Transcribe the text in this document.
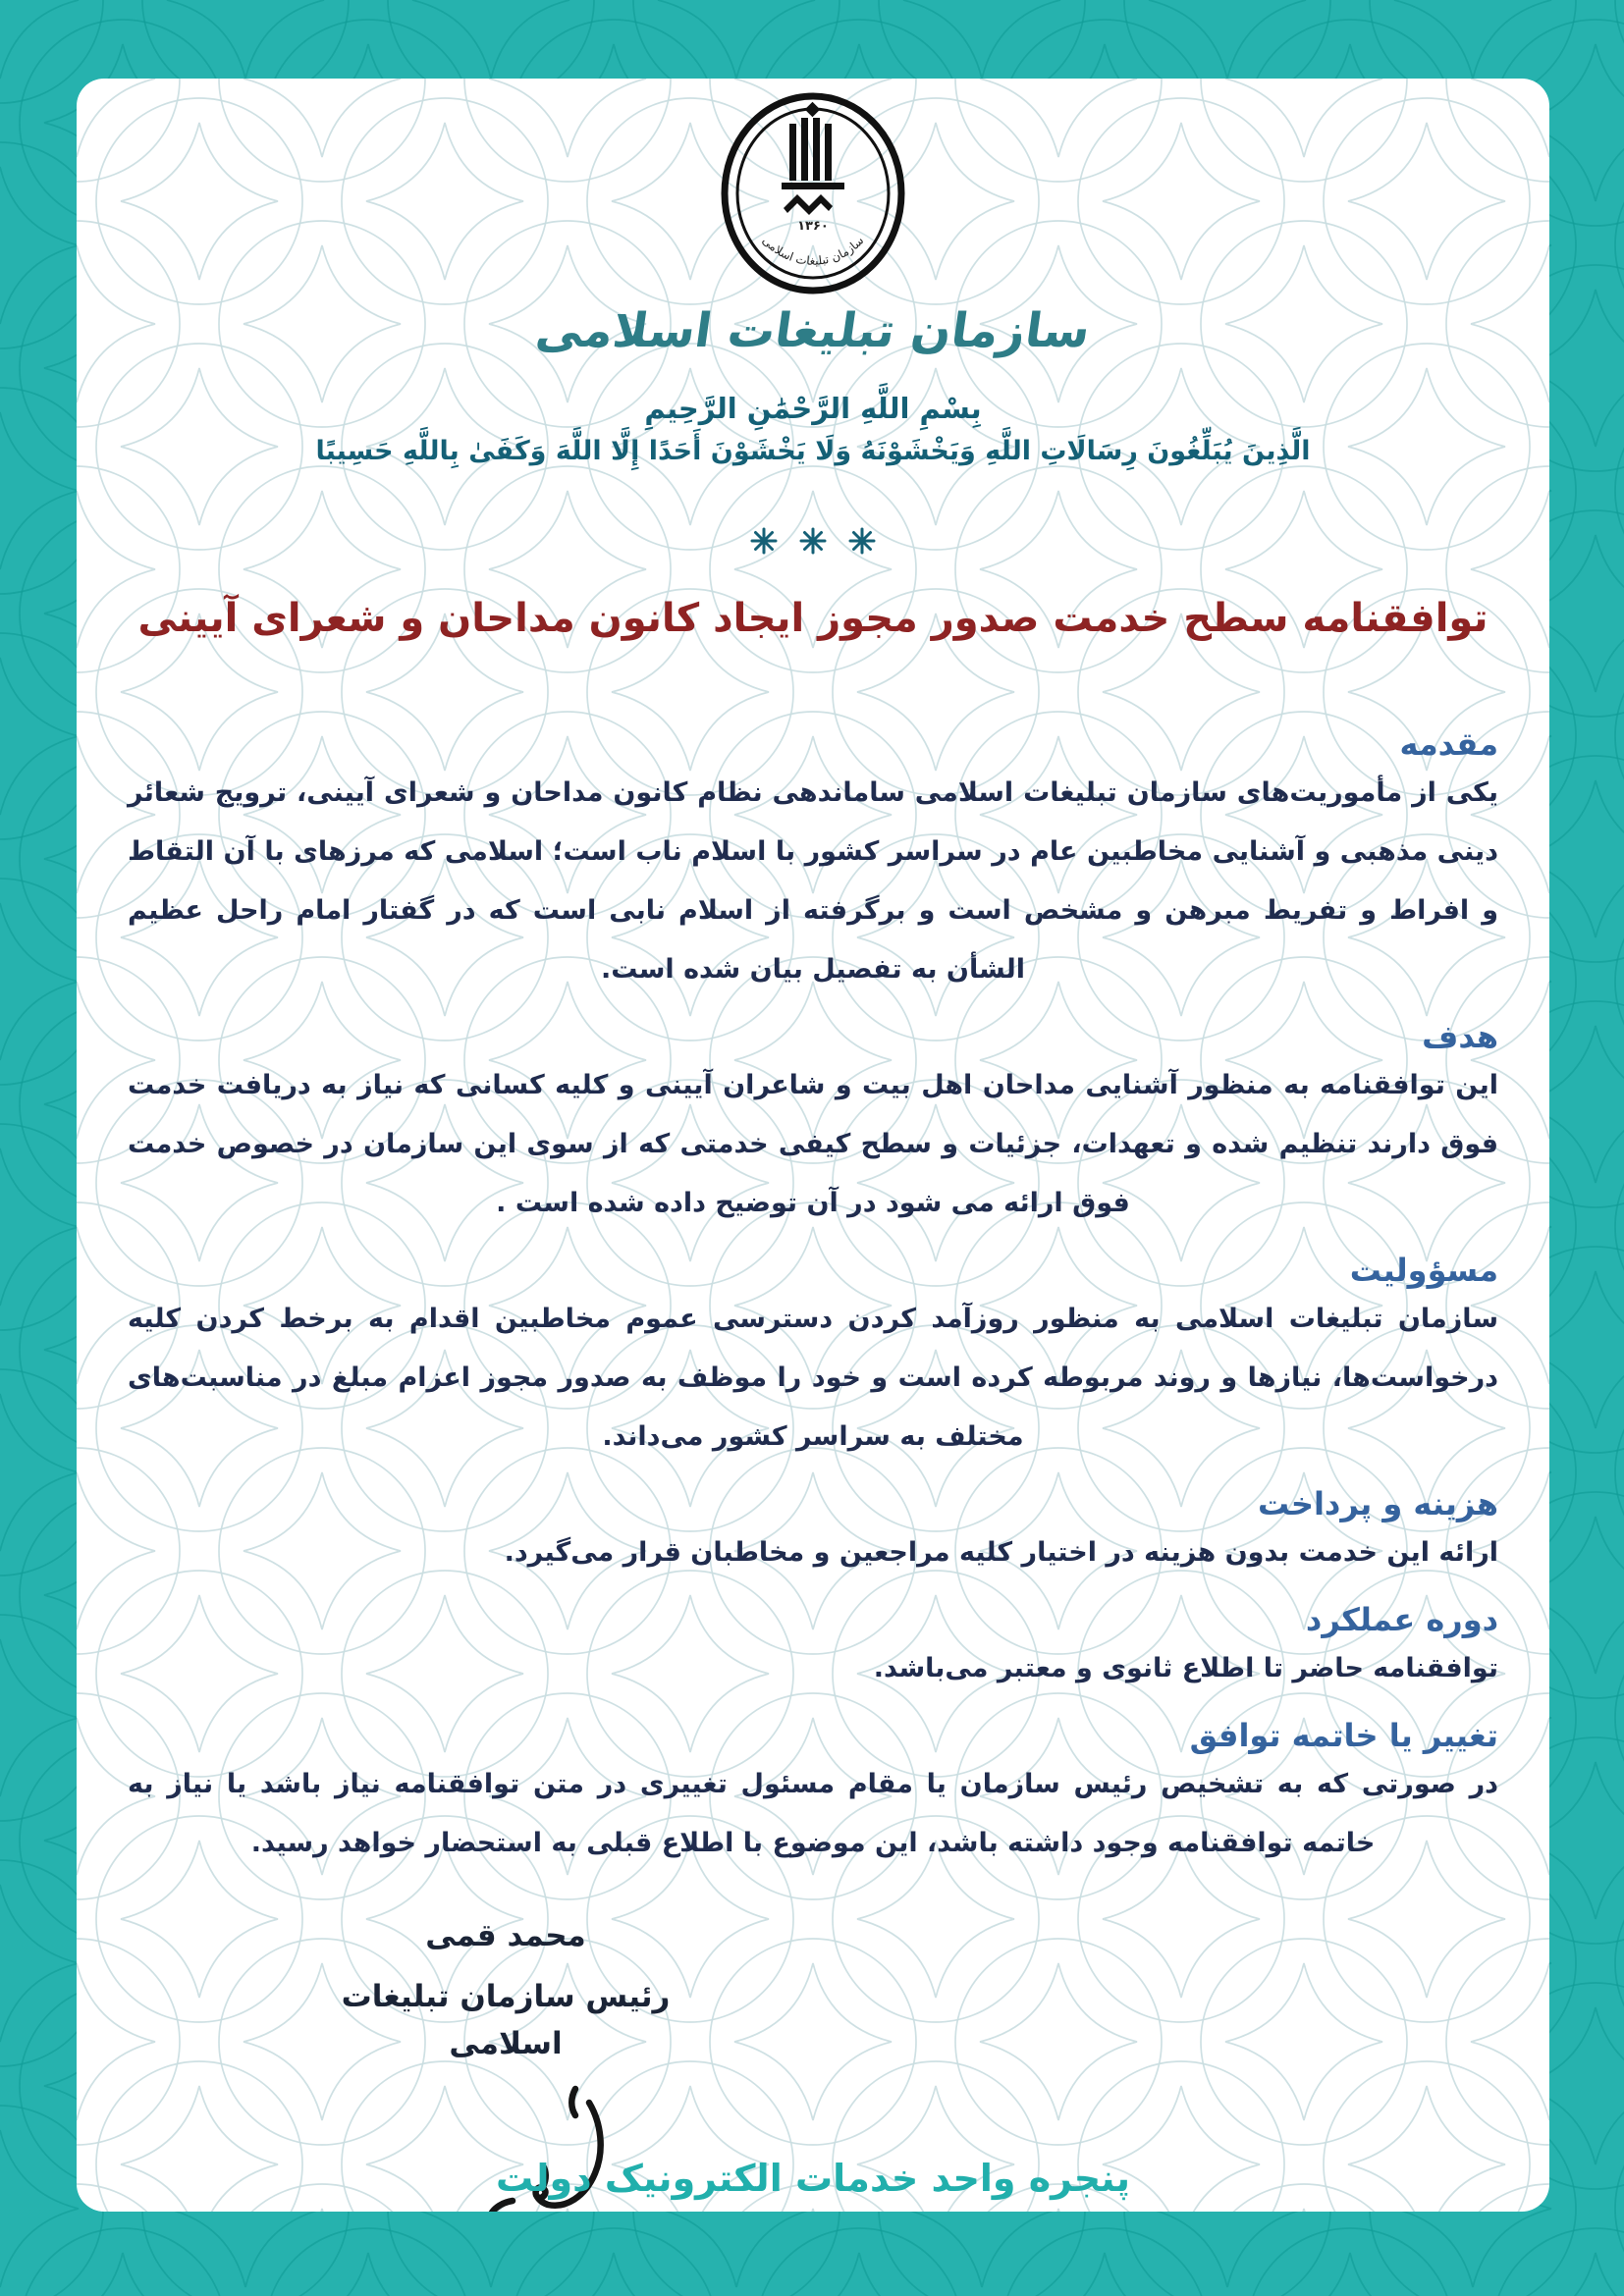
۱۳۶۰
سازمان تبلیغات اسلامی
سازمان تبلیغات اسلامی
بِسْمِ اللَّهِ الرَّحْمَٰنِ الرَّحِيمِ
الَّذِينَ يُبَلِّغُونَ رِسَالَاتِ اللَّهِ وَيَخْشَوْنَهُ وَلَا يَخْشَوْنَ أَحَدًا إِلَّا اللَّهَ وَكَفَىٰ بِاللَّهِ حَسِيبًا
توافقنامه سطح خدمت صدور مجوز ایجاد کانون مداحان و شعرای آیینی
مقدمه

یکی از مأموریت‌های سازمان تبلیغات اسلامی ساماندهی نظام کانون مداحان و شعرای آیینی، ترویج شعائر دینی مذهبی و آشنایی مخاطبین عام در سراسر کشور با اسلام ناب است؛ اسلامی که مرزهای با آن التقاط و افراط و تفریط مبرهن و مشخص است و برگرفته از اسلام نابی است که در گفتار امام راحل عظیم الشأن به تفصیل بیان شده است.

هدف

این توافقنامه به منظور آشنایی مداحان اهل بیت و شاعران آیینی و کلیه کسانی که نیاز به دریافت خدمت فوق دارند تنظیم شده و تعهدات، جزئیات و سطح کیفی خدمتی که از سوی این سازمان در خصوص خدمت فوق ارائه می شود در آن توضیح داده شده است .

مسؤولیت

سازمان تبلیغات اسلامی به منظور روزآمد کردن دسترسی عموم مخاطبین اقدام به برخط کردن کلیه درخواست‌ها، نیازها و روند مربوطه کرده است و خود را موظف به صدور مجوز اعزام مبلغ در مناسبت‌های مختلف به سراسر کشور می‌داند.

هزینه و پرداخت

ارائه این خدمت بدون هزینه در اختیار کلیه مراجعین و مخاطبان قرار می‌گیرد.

دوره عملکرد

توافقنامه حاضر تا اطلاع ثانوی و معتبر می‌باشد.

تغییر یا خاتمه توافق

در صورتی که به تشخیص رئیس سازمان یا مقام مسئول تغییری در متن توافقنامه نیاز باشد یا نیاز به خاتمه توافقنامه وجود داشته باشد، این موضوع با اطلاع قبلی به استحضار خواهد رسید.

محمد قمی
رئیس سازمان تبلیغات اسلامی
پنجره واحد خدمات الکترونیک دولت
